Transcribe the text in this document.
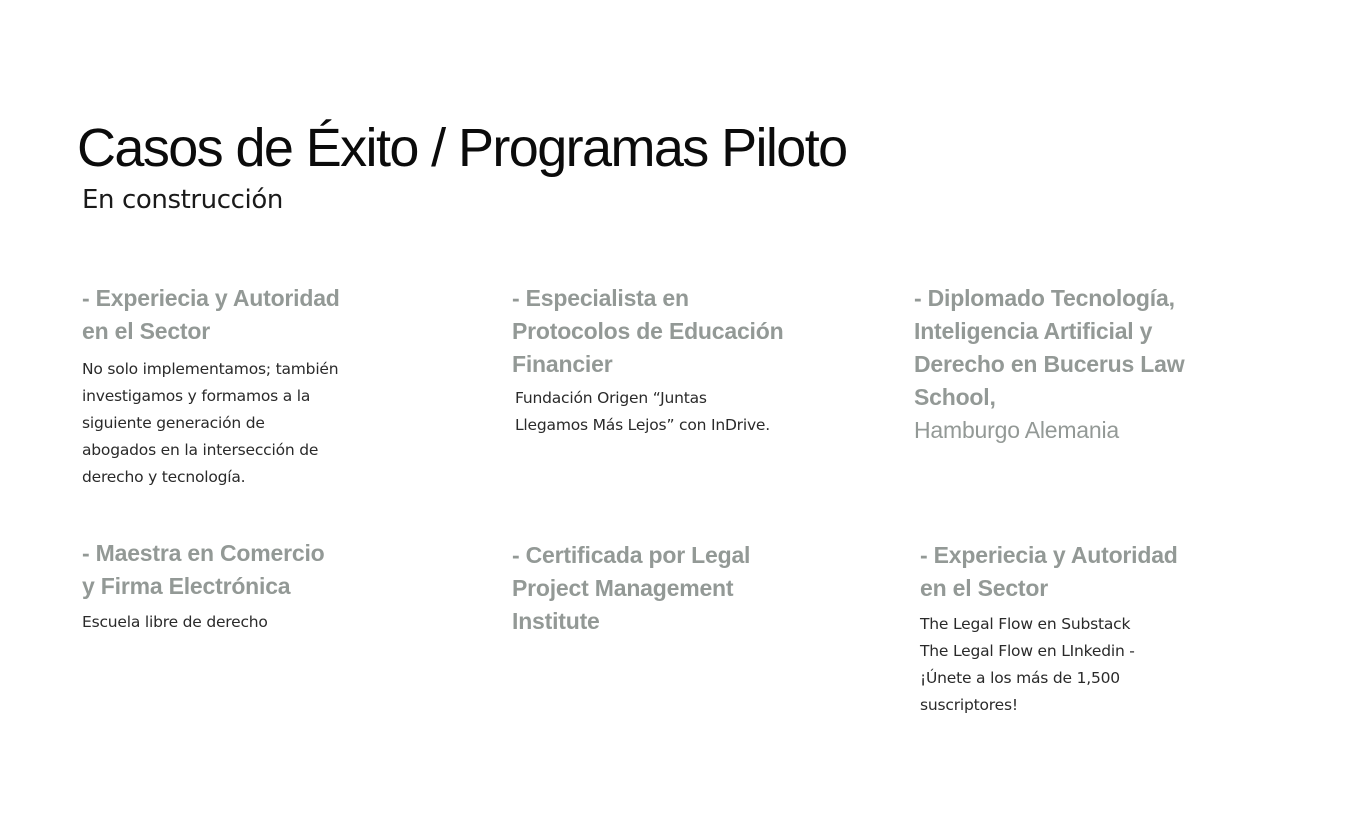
Casos de Éxito / Programas Piloto
En construcción
- Experiecia y Autoridad
en el Sector

No solo implementamos; también
investigamos y formamos a la
siguiente generación de
abogados en la intersección de
derecho y tecnología.

- Especialista en
Protocolos de Educación
Financier

Fundación Origen “Juntas
Llegamos Más Lejos” con InDrive.

- Diplomado Tecnología,
Inteligencia Artificial y
Derecho en Bucerus Law
School,

Hamburgo Alemania

- Maestra en Comercio
y Firma Electrónica

Escuela libre de derecho

- Certificada por Legal
Project Management
Institute
- Experiecia y Autoridad
en el Sector

The Legal Flow en Substack
The Legal Flow en LInkedin -
¡Únete a los más de 1,500
suscriptores!
